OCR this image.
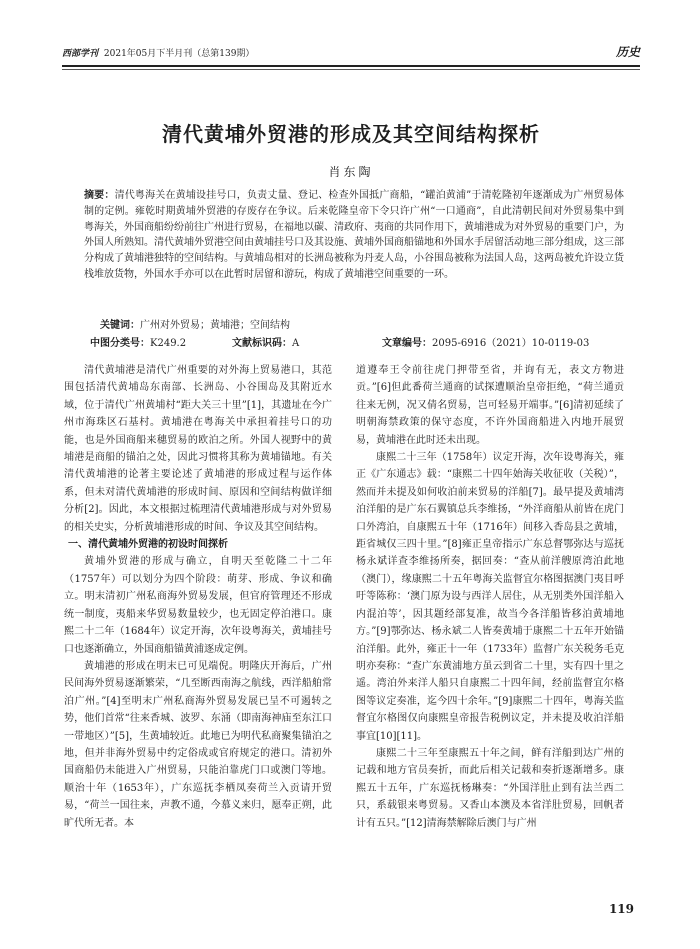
西部学刊 2021年05月下半月刊（总第139期）	历史
清代黄埔外贸港的形成及其空间结构探析
肖东陶
摘要：清代粤海关在黄埔设挂号口，负责丈量、登记、检查外国抵广商船，“罐泊黄浦”于清乾隆初年逐渐成为广州贸易体制的定例。雍乾时期黄埔外贸港的存废存在争议。后来乾隆皇帝下令只许广州“一口通商”，自此清朝民间对外贸易集中到粤海关，外国商船纷纷前往广州进行贸易，在福地以碳、清政府、夷商的共同作用下，黄埔港成为对外贸易的重要门户，为外国人所熟知。清代黄埔外贸港空间由黄埔挂号口及其设施、黄埔外国商船锚地和外国水手居留活动地三部分组成，这三部分构成了黄埔港独特的空间结构。与黄埔岛相对的长洲岛被称为丹麦人岛，小谷围岛被称为法国人岛，这两岛被允许设立货栈堆放货物，外国水手亦可以在此暂时居留和游玩，构成了黄埔港空间重要的一环。
关键词：广州对外贸易；黄埔港；空间结构
中图分类号：K249.2	文献标识码：A	文章编号：2095-6916（2021）10-0119-03

清代黄埔港是清代广州重要的对外海上贸易港口，其范围包括清代黄埔岛东南部、长洲岛、小谷围岛及其附近水域，位于清代广州黄埔村“距大关三十里”[1]，其遗址在今广州市海珠区石基村。黄埔港在粤海关中承担着挂号口的功能，也是外国商船来穗贸易的欧泊之所。外国人视野中的黄埔港是商船的锚泊之处，因此习惯将其称为黄埔锚地。有关清代黄埔港的论著主要论述了黄埔港的形成过程与运作体系，但未对清代黄埔港的形成时间、原因和空间结构做详细分析[2]。因此，本文根据过梳理清代黄埔港形成与对外贸易的相关史实，分析黄埔港形成的时间、争议及其空间结构。

一、清代黄埔外贸港的初设时间探析

黄埔外贸港的形成与确立，自明天至乾隆二十二年（1757年）可以划分为四个阶段：萌芽、形成、争议和确立。明末清初广州私商海外贸易发展，但官府管理还不形成统一制度，夷船来华贸易数量较少，也无固定停泊港口。康熙二十二年（1684年）议定开海，次年设粤海关，黄埔挂号口也逐渐确立，外国商船锚黄浦逐成定例。

黄埔港的形成在明末已可见端倪。明隆庆开海后，广州民间海外贸易逐渐繁荣，“几至断西南海之航线，西洋船舶常泊广州。”[4]至明末广州私商海外贸易发展已呈不可遏转之势，他们首常“往来香城、波罗、东涌（即南海神庙至东江口一带地区）”[5]，生黄埔较近。此地已为明代私商聚集锚泊之地，但并非海外贸易中约定俗成或官府规定的港口。清初外国商船仍未能进入广州贸易，只能泊靠虎门口或澳门等地。顺治十年（1653年），广东巡抚李栖凤奏荷兰入贡请开贸易，“荷兰一国往来，声教不通，今慕义来归，愿奉正朔，此旷代所无者。本

道遵奉王令前往虎门押带至省，并询有无，表文方物进贡。”[6]但此番荷兰通商的试探遭顺治皇帝拒绝，“荷兰通贡往来无例，况又倩名贸易，岂可轻易开端事。”[6]清初延续了明朝海禁政策的保守态度，不许外国商船进入内地开展贸易，黄埔港在此时还未出现。

康熙二十三年（1758年）议定开海，次年设粤海关，雍正《广东通志》载：“康熙二十四年始海关收征收（关税）”，然而并未提及如何收泊前来贸易的洋船[7]。最早提及黄埔湾泊洋船的是广东石翼镇总兵李维扬，“外洋商船从前皆在虎门口外湾泊，自康熙五十年（1716年）间移入香岛县之黄埔，距省城仅三四十里。”[8]雍正皇帝指示广东总督鄂弥达与巡抚杨永斌详查李维扬所奏，据回奏：“查从前洋艘原湾泊此地（澳门），缘康熙二十五年粤海关监督宜尔格图据澳门夷目呼吁等陈称：‘澳门原为设与西洋人居住，从无别类外国洋船入内混泊等’，因其题经部复准，故当今各洋船皆移泊黄埔地方。”[9]鄂弥达、杨永斌二人皆奏黄埔于康熙二十五年开始锚泊洋船。此外，雍正十一年（1733年）监督广东关税务毛克明亦奏称：“查广东黄浦地方虽云到省二十里，实有四十里之遥。湾泊外来洋人船只自康熙二十四年间，经前监督宜尔格图等议定奏准，迄今四十余年。”[9]康熙二十四年，粤海关监督宜尔格图仅向康熙皇帝报告税例议定，并未提及收泊洋船事宜[10][11]。

康熙二十三年至康熙五十年之间，鲜有洋船到达广州的记载和地方官员奏折，而此后相关记载和奏折逐渐增多。康熙五十五年，广东巡抚杨琳奏：“外国洋肚止到有法兰西二只，系载银来粤贸易。又香山本澳及本省洋肚贸易，回帆者计有五只。”[12]清海禁解除后澳门与广州

119
